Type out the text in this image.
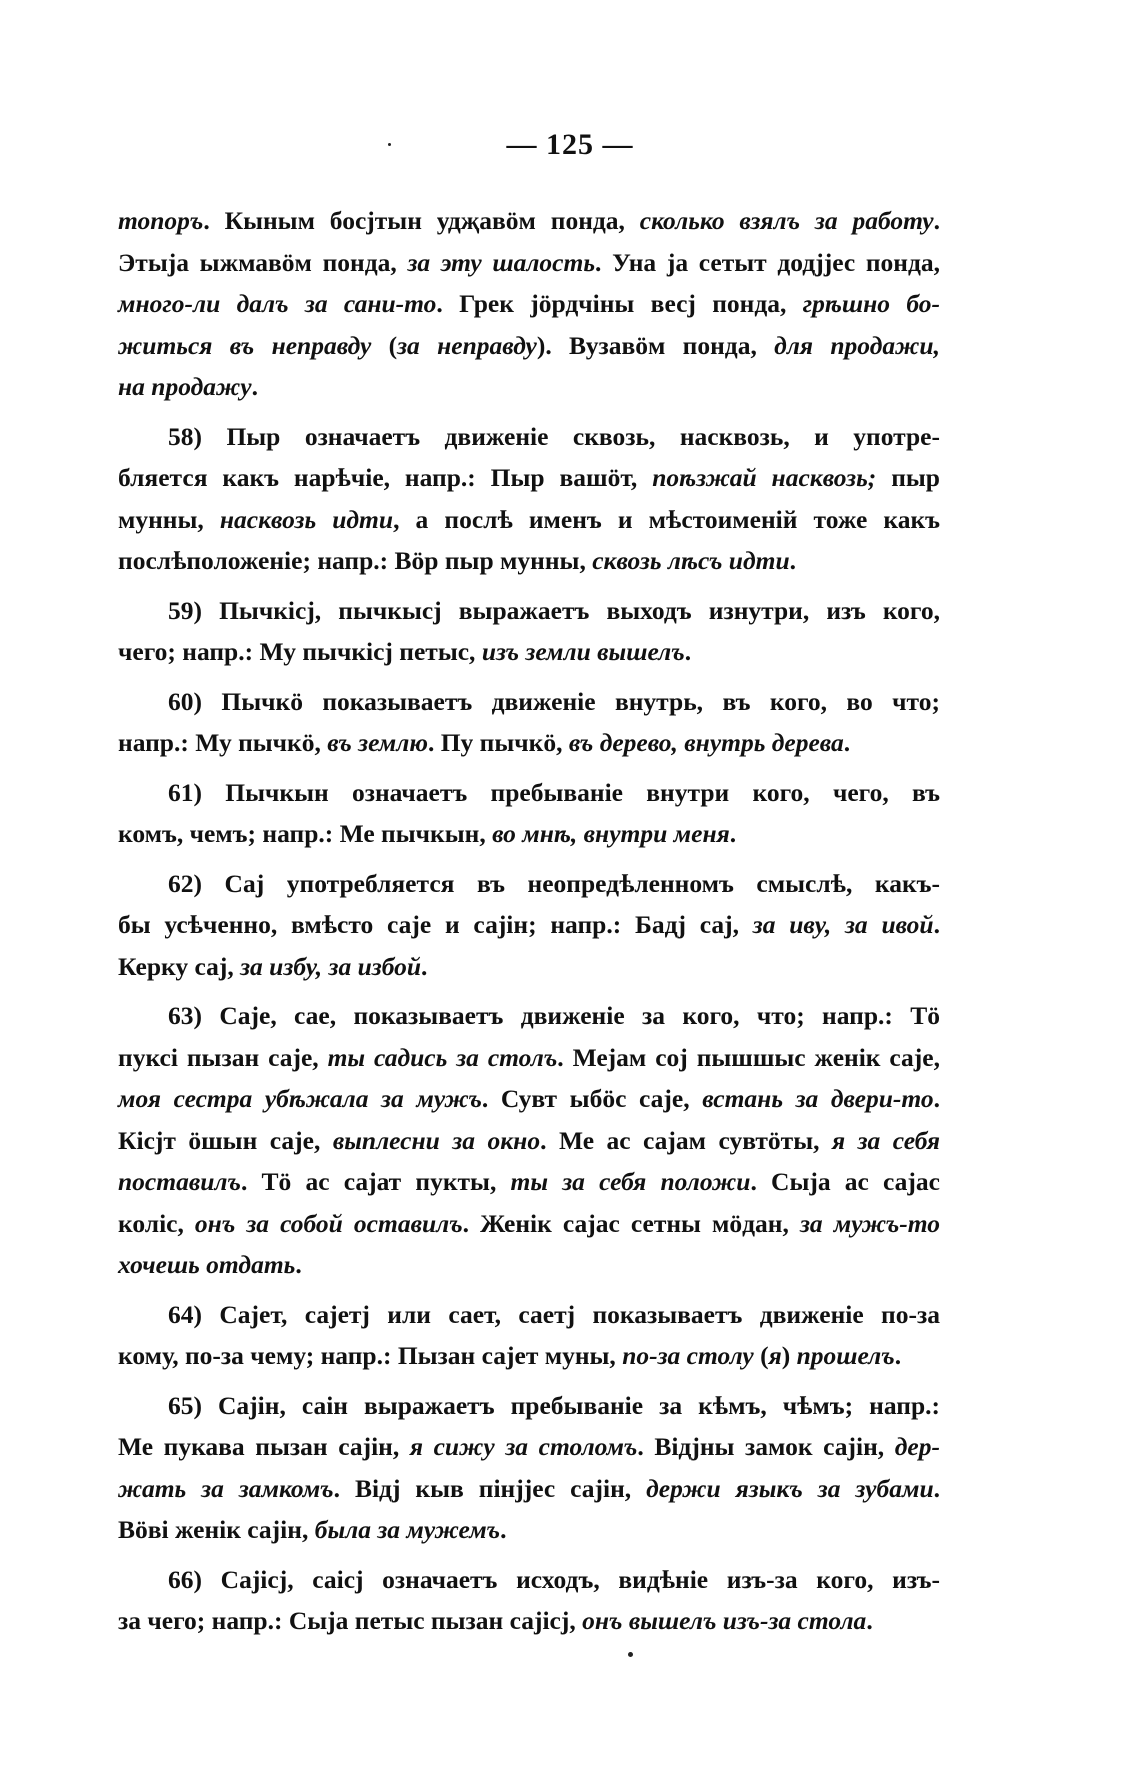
— 125 —
топоръ. Кыным босјтын удҗавöм понда, сколько взялъ за работу.
Этыја ыжмавöм понда, за эту шалость. Уна ја сетыт додјјес понда,
много-ли далъ за сани-то. Грек јöрдчiны весј понда, грѣшно бо-
житься въ неправду (за неправду). Вузавöм понда, для продажи,
на продажу.
58) Пыр означаетъ движенiе сквозь, насквозь, и употре-
бляется какъ нарѣчiе, напр.: Пыр вашöт, поѣзжай насквозь; пыр
мунны, насквозь идти, а послѣ именъ и мѣстоименiй тоже какъ
послѣположенiе; напр.: Вöр пыр мунны, сквозь лѣсъ идти.
59) Пычкiсј, пычкысј выражаетъ выходъ изнутри, изъ кого,
чего; напр.: Му пычкiсј петыс, изъ земли вышелъ.
60) Пычкö показываетъ движенiе внутрь, въ кого, во что;
напр.: Му пычкö, въ землю. Пу пычкö, въ дерево, внутрь дерева.
61) Пычкын означаетъ пребыванiе внутри кого, чего, въ
комъ, чемъ; напр.: Ме пычкын, во мнѣ, внутри меня.
62) Сај употребляется въ неопредѣленномъ смыслѣ, какъ-
бы усѣченно, вмѣсто саје и сајiн; напр.: Бадј сај, за иву, за ивой.
Керку сај, за избу, за избой.
63) Саје, сае, показываетъ движенiе за кого, что; напр.: Тö
пуксi пызан саје, ты садись за столъ. Мејам сој пышшыс женiк саје,
моя сестра убѣжала за мужъ. Сувт ыбöс саје, встань за двери-то.
Кiсјт öшын саје, выплесни за окно. Ме ас сајам сувтöты, я за себя
поставилъ. Тö ас сајат пукты, ты за себя положи. Сыја ас сајас
колiс, онъ за собой оставилъ. Женiк сајас сетны мöдан, за мужъ-то
хочешь отдать.
64) Сајет, сајетј или сает, саетј показываетъ движенiе по-за
кому, по-за чему; напр.: Пызан сајет муны, по-за столу (я) прошелъ.
65) Сајiн, саiн выражаетъ пребыванiе за кѣмъ, чѣмъ; напр.:
Ме пукава пызан сајiн, я сижу за столомъ. Вiдјны замок сајiн, дер-
жать за замкомъ. Вiдј кыв пiнјјес сајiн, держи языкъ за зубами.
Вöвi женiк сајiн, была за мужемъ.
66) Сајiсј, саiсј означаетъ исходъ, видѣнiе изъ-за кого, изъ-
за чего; напр.: Сыја петыс пызан сајiсј, онъ вышелъ изъ-за стола.
